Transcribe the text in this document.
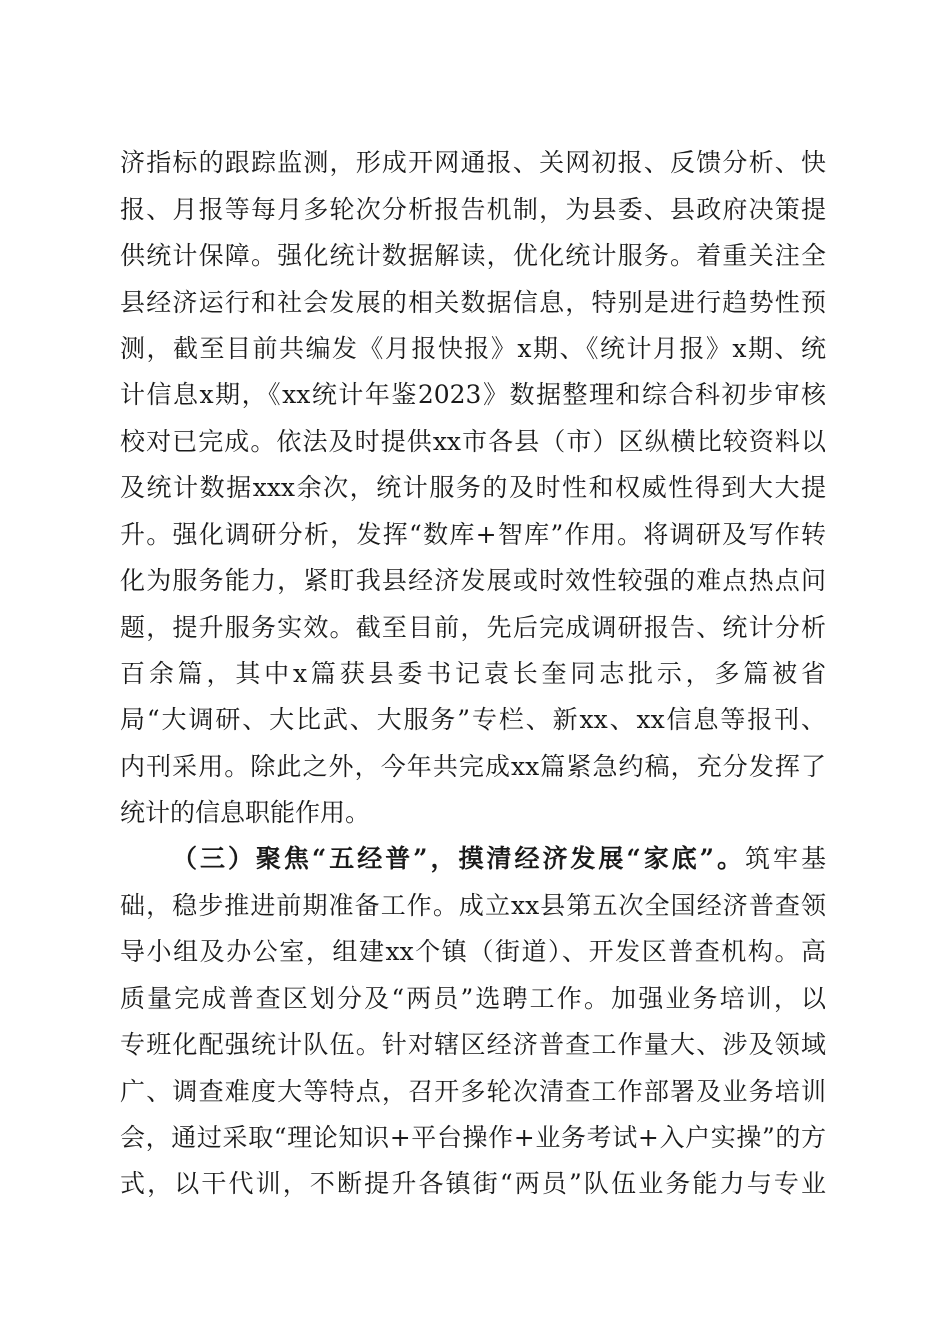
济指标的跟踪监测，形成开网通报、关网初报、反馈分析、快
报、月报等每月多轮次分析报告机制，为县委、县政府决策提
供统计保障。强化统计数据解读，优化统计服务。着重关注全
县经济运行和社会发展的相关数据信息，特别是进行趋势性预
测，截至目前共编发《月报快报》x期、《统计月报》x期、统
计信息x期，《xx统计年鉴2023》数据整理和综合科初步审核
校对已完成。依法及时提供xx市各县（市）区纵横比较资料以
及统计数据xxx余次，统计服务的及时性和权威性得到大大提
升。强化调研分析，发挥“数库+智库”作用。将调研及写作转
化为服务能力，紧盯我县经济发展或时效性较强的难点热点问
题，提升服务实效。截至目前，先后完成调研报告、统计分析
百余篇，其中x篇获县委书记袁长奎同志批示，多篇被省
局“大调研、大比武、大服务”专栏、新xx、xx信息等报刊、
内刊采用。除此之外，今年共完成xx篇紧急约稿，充分发挥了
统计的信息职能作用。
（三）聚焦“五经普”，摸清经济发展“家底”。筑牢基
础，稳步推进前期准备工作。成立xx县第五次全国经济普查领
导小组及办公室，组建xx个镇（街道）、开发区普查机构。高
质量完成普查区划分及“两员”选聘工作。加强业务培训，以
专班化配强统计队伍。针对辖区经济普查工作量大、涉及领域
广、调查难度大等特点，召开多轮次清查工作部署及业务培训
会，通过采取“理论知识+平台操作+业务考试+入户实操”的方
式，以干代训，不断提升各镇街“两员”队伍业务能力与专业
